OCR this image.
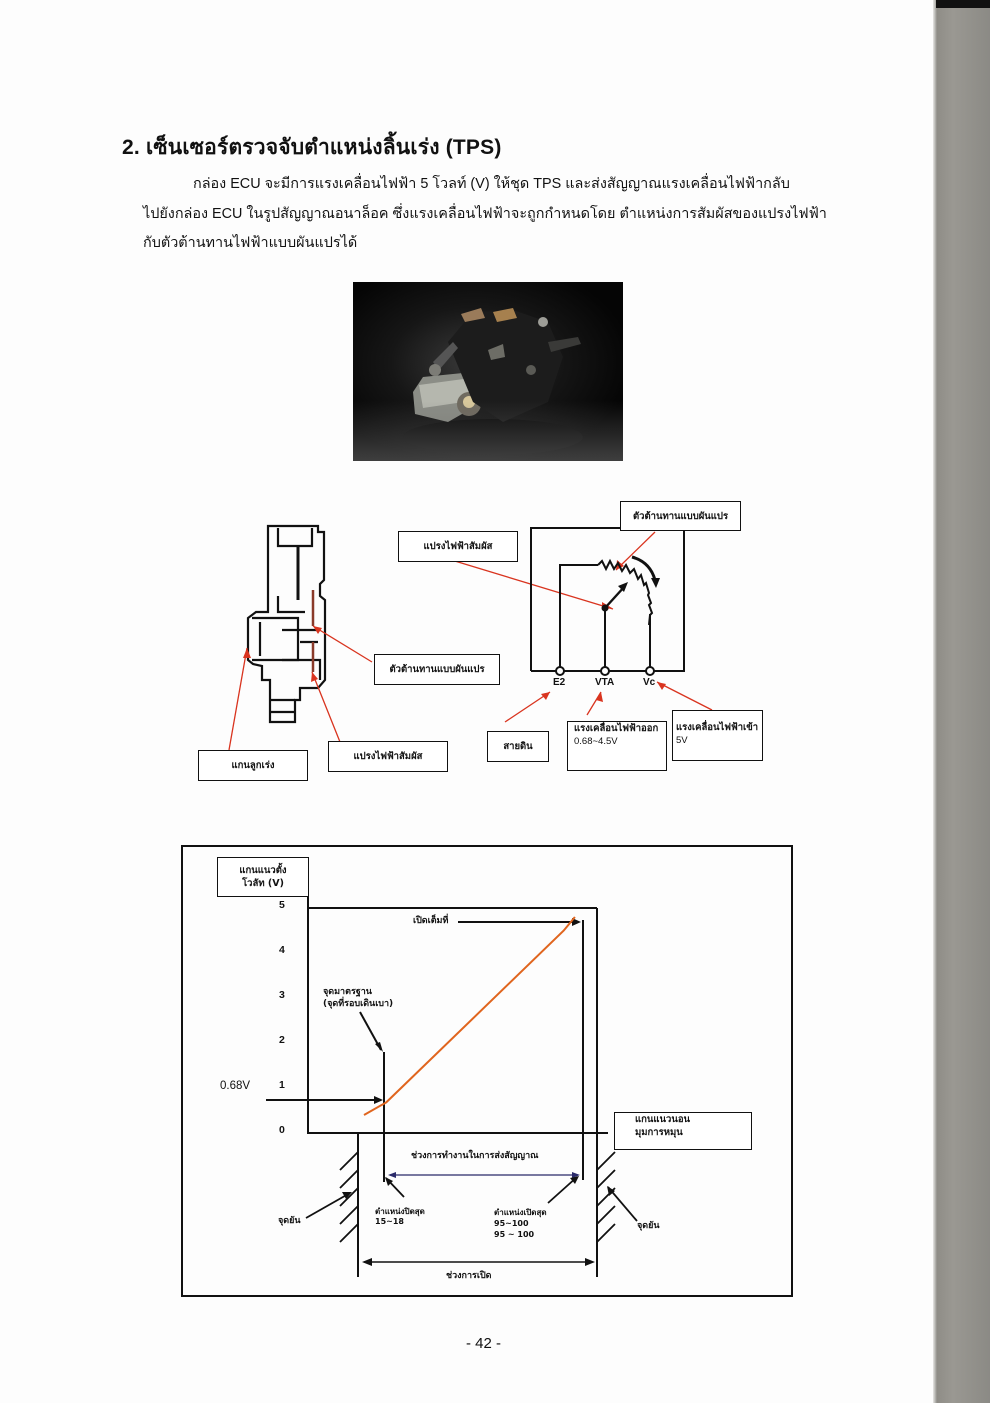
2. เซ็นเซอร์ตรวจจับตำแหน่งลิ้นเร่ง (TPS)
กล่อง ECU จะมีการแรงเคลื่อนไฟฟ้า 5 โวลท์ (V) ให้ชุด TPS และส่งสัญญาณแรงเคลื่อนไฟฟ้ากลับ
ไปยังกล่อง ECU ในรูปสัญญาณอนาล็อค ซึ่งแรงเคลื่อนไฟฟ้าจะถูกกำหนดโดย ตำแหน่งการสัมผัสของแปรงไฟฟ้า
กับตัวต้านทานไฟฟ้าแบบผันแปรได้
แกนลูกเร่ง
แปรงไฟฟ้าสัมผัส
ตัวต้านทานแบบผันแปร
แปรงไฟฟ้าสัมผัส
ตัวต้านทานแบบผันแปร
E2	VTA	Vc
สายดิน
แรงเคลื่อนไฟฟ้าออก
0.68~4.5V
แรงเคลื่อนไฟฟ้าเข้า
5V
แกนแนวตั้ง
โวลัท (V)
0
1
2
3
4
5
0.68V
เปิดเต็มที่
จุดมาตรฐาน
(จุดที่รอบเดินเบา)
แกนแนวนอน
มุมการหมุน
ช่วงการทำงานในการส่งสัญญาณ
ตำแหน่งปิดสุด
15~18
ตำแหน่งเปิดสุด
95~100
95 ~ 100
จุดยัน	จุดยัน
ช่วงการเปิด
- 42 -
